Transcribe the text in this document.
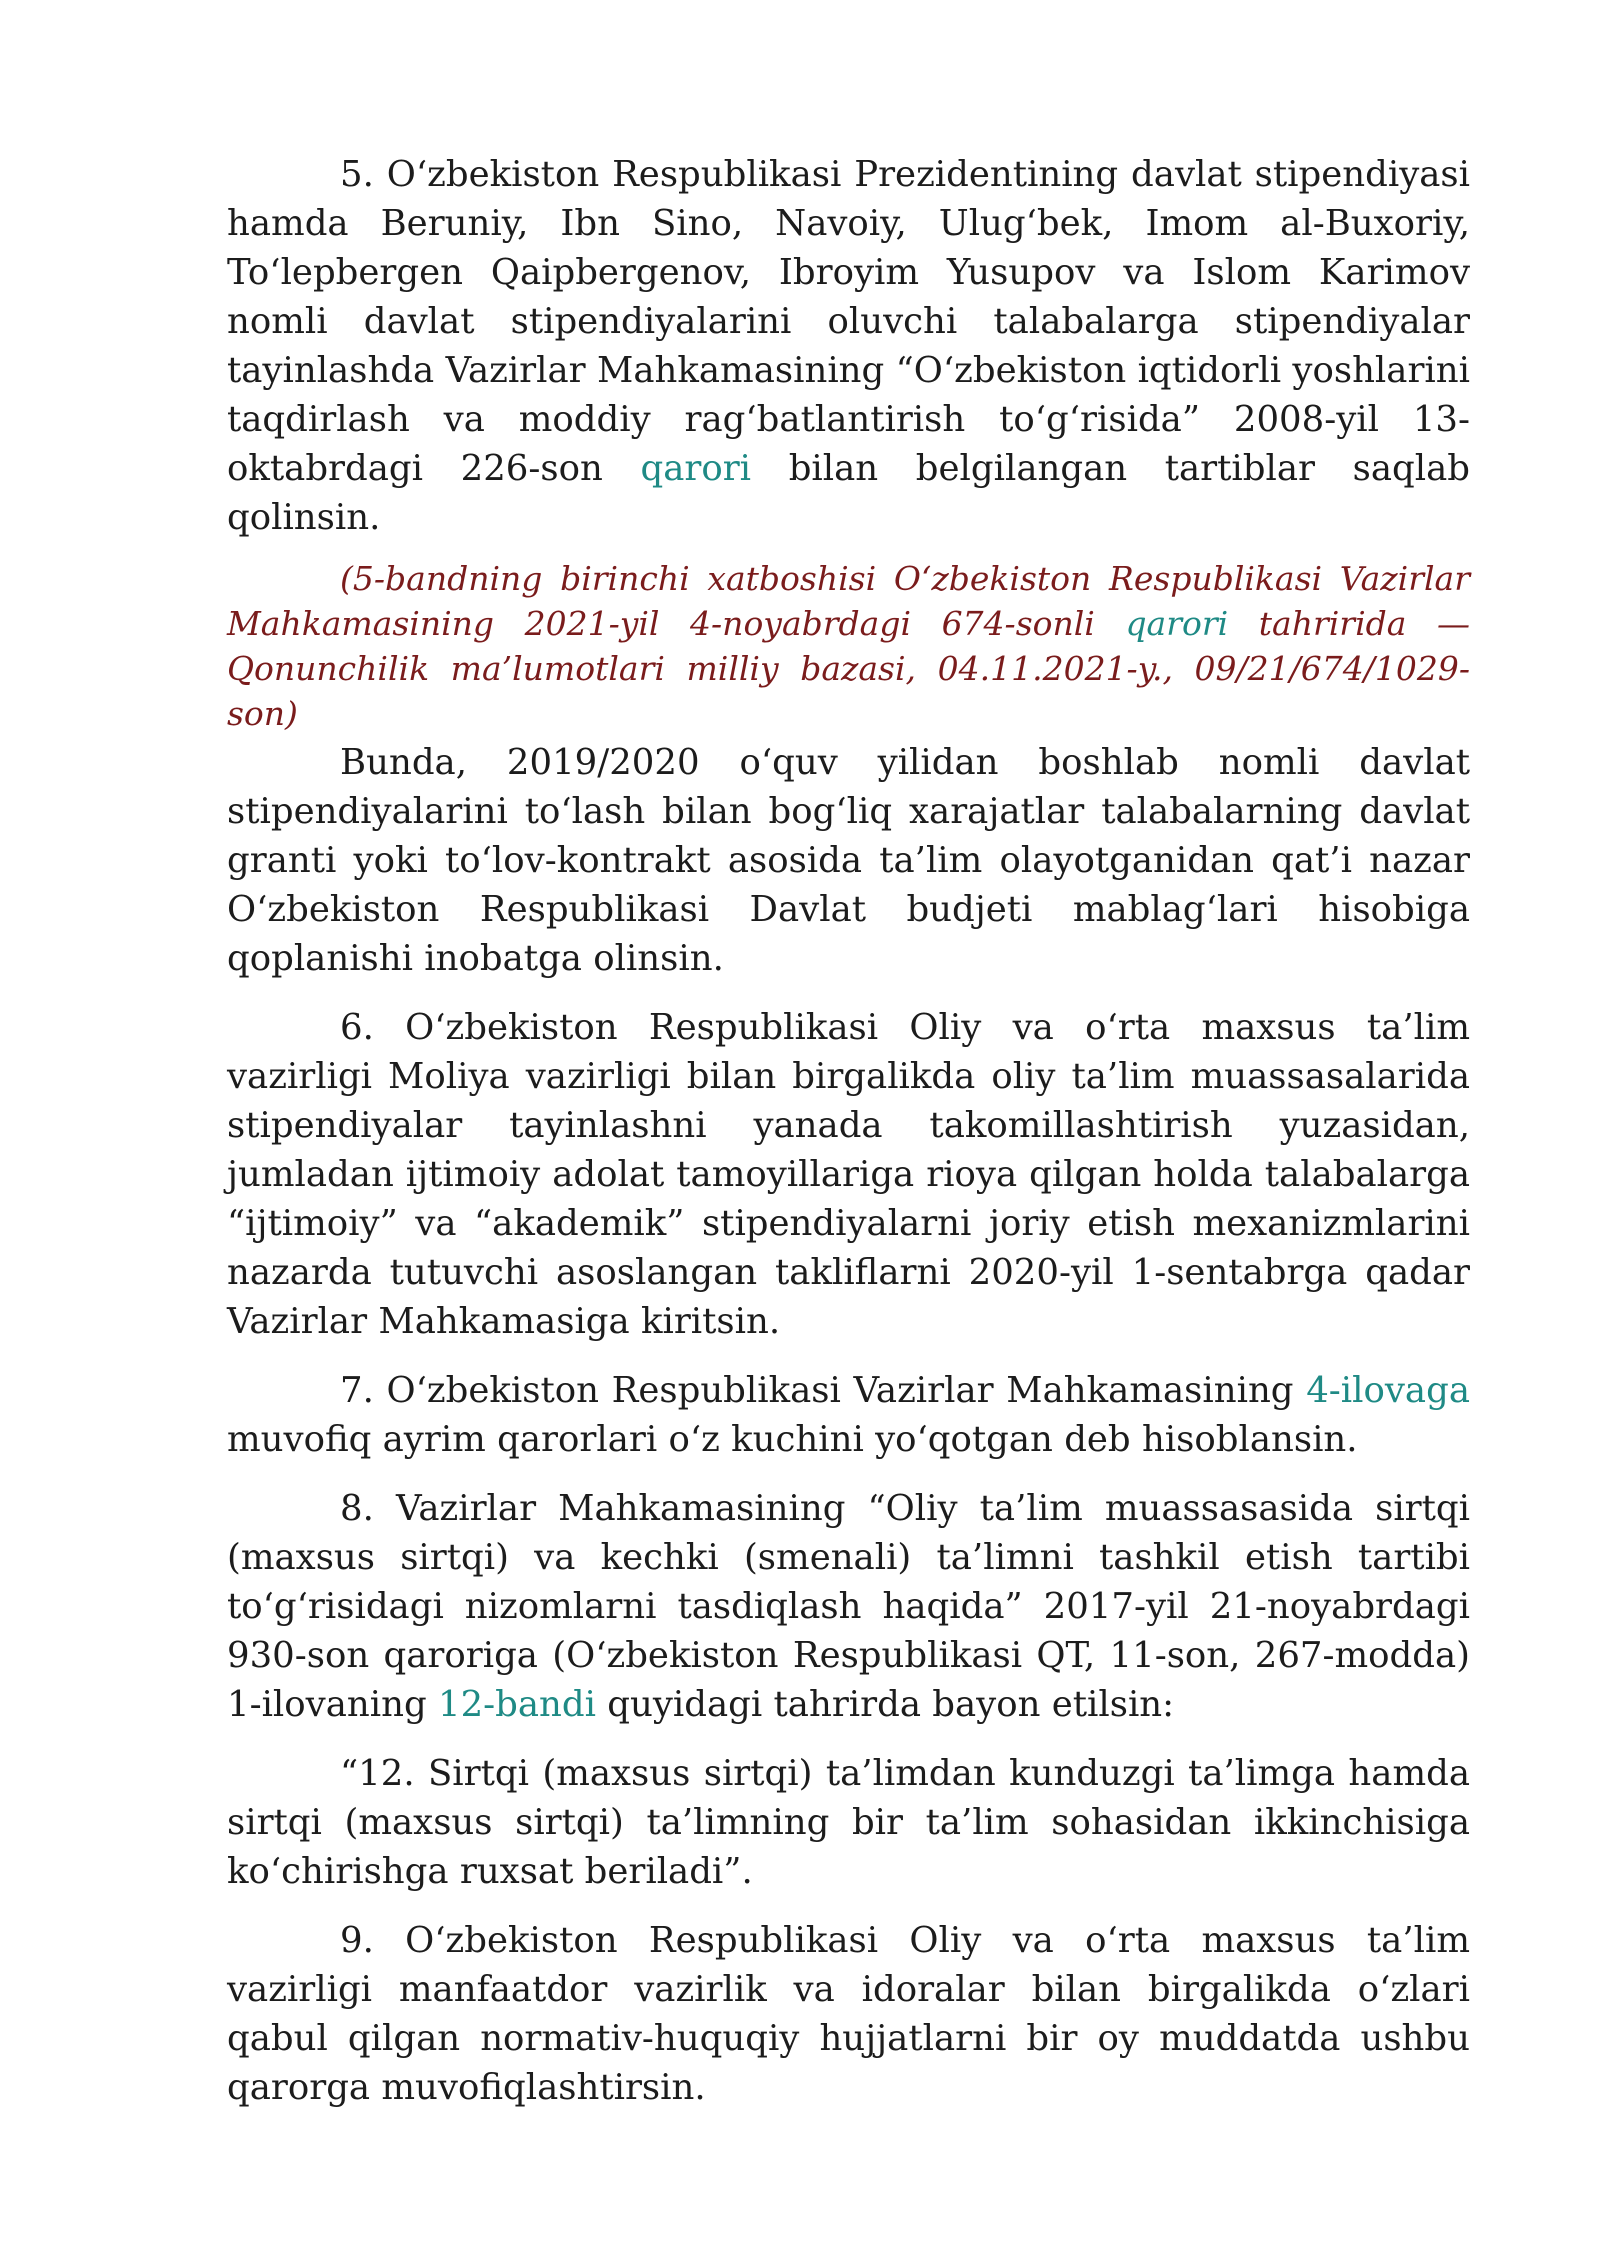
5. O‘zbekiston Respublikasi Prezidentining davlat stipendiyasi hamda Beruniy, Ibn Sino, Navoiy, Ulug‘bek, Imom al-Buxoriy, To‘lepbergen Qaipbergenov, Ibroyim Yusupov va Islom Karimov nomli davlat stipendiyalarini oluvchi talabalarga stipendiyalar tayinlashda Vazirlar Mahkamasining “O‘zbekiston iqtidorli yoshlarini taqdirlash va moddiy rag‘batlantirish to‘g‘risida” 2008-yil 13-oktabrdagi 226-son qarori bilan belgilangan tartiblar saqlab qolinsin.

(5-bandning birinchi xatboshisi O‘zbekiston Respublikasi Vazirlar Mahkamasining 2021-yil 4-noyabrdagi 674-sonli qarori tahririda — Qonunchilik ma’lumotlari milliy bazasi, 04.11.2021-y., 09/21/674/1029-son)

Bunda, 2019/2020 o‘quv yilidan boshlab nomli davlat stipendiyalarini to‘lash bilan bog‘liq xarajatlar talabalarning davlat granti yoki to‘lov-kontrakt asosida ta’lim olayotganidan qat’i nazar O‘zbekiston Respublikasi Davlat budjeti mablag‘lari hisobiga qoplanishi inobatga olinsin.

6. O‘zbekiston Respublikasi Oliy va o‘rta maxsus ta’lim vazirligi Moliya vazirligi bilan birgalikda oliy ta’lim muassasalarida stipendiyalar tayinlashni yanada takomillashtirish yuzasidan, jumladan ijtimoiy adolat tamoyillariga rioya qilgan holda talabalarga “ijtimoiy” va “akademik” stipendiyalarni joriy etish mexanizmlarini nazarda tutuvchi asoslangan takliflarni 2020-yil 1-sentabrga qadar Vazirlar Mahkamasiga kiritsin.

7. O‘zbekiston Respublikasi Vazirlar Mahkamasining 4-ilovaga muvofiq ayrim qarorlari o‘z kuchini yo‘qotgan deb hisoblansin.

8. Vazirlar Mahkamasining “Oliy ta’lim muassasasida sirtqi (maxsus sirtqi) va kechki (smenali) ta’limni tashkil etish tartibi to‘g‘risidagi nizomlarni tasdiqlash haqida” 2017-yil 21-noyabrdagi 930-son qaroriga (O‘zbekiston Respublikasi QT, 11-son, 267-modda) 1-ilovaning 12-bandi quyidagi tahrirda bayon etilsin:

“12. Sirtqi (maxsus sirtqi) ta’limdan kunduzgi ta’limga hamda sirtqi (maxsus sirtqi) ta’limning bir ta’lim sohasidan ikkinchisiga ko‘chirishga ruxsat beriladi”.

9. O‘zbekiston Respublikasi Oliy va o‘rta maxsus ta’lim vazirligi manfaatdor vazirlik va idoralar bilan birgalikda o‘zlari qabul qilgan normativ-huquqiy hujjatlarni bir oy muddatda ushbu qarorga muvofiqlashtirsin.
